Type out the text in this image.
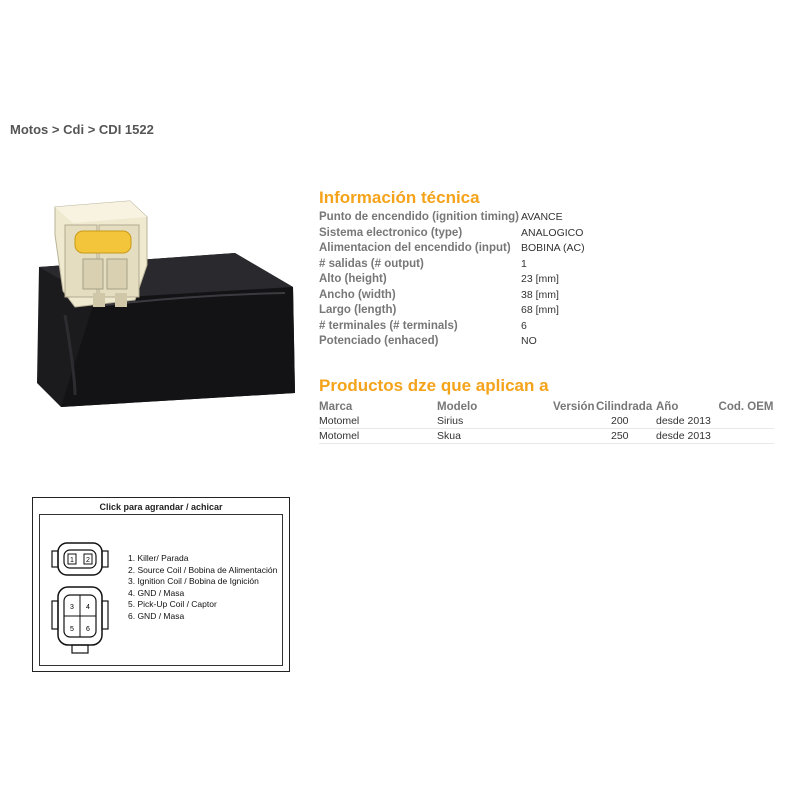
Motos > Cdi > CDI 1522
Información técnica
Punto de encendido (ignition timing)	AVANCE
Sistema electronico (type)	ANALOGICO
Alimentacion del encendido (input)	BOBINA (AC)
# salidas (# output)	1
Alto (height)	23 [mm]
Ancho (width)	38 [mm]
Largo (length)	68 [mm]
# terminales (# terminals)	6
Potenciado (enhaced)	NO
Productos dze que aplican a
Marca	Modelo	Versión	Cilindrada	Año	Cod. OEM
Motomel	Sirius		200	desde 2013	
Motomel	Skua		250	desde 2013	
Click para agrandar / achicar
1 2
3 4
5 6
1. Killer/ Parada
2. Source Coil / Bobina de Alimentación
3. Ignition Coil / Bobina de Ignición
4. GND / Masa
5. Pick-Up Coil / Captor
6. GND / Masa
